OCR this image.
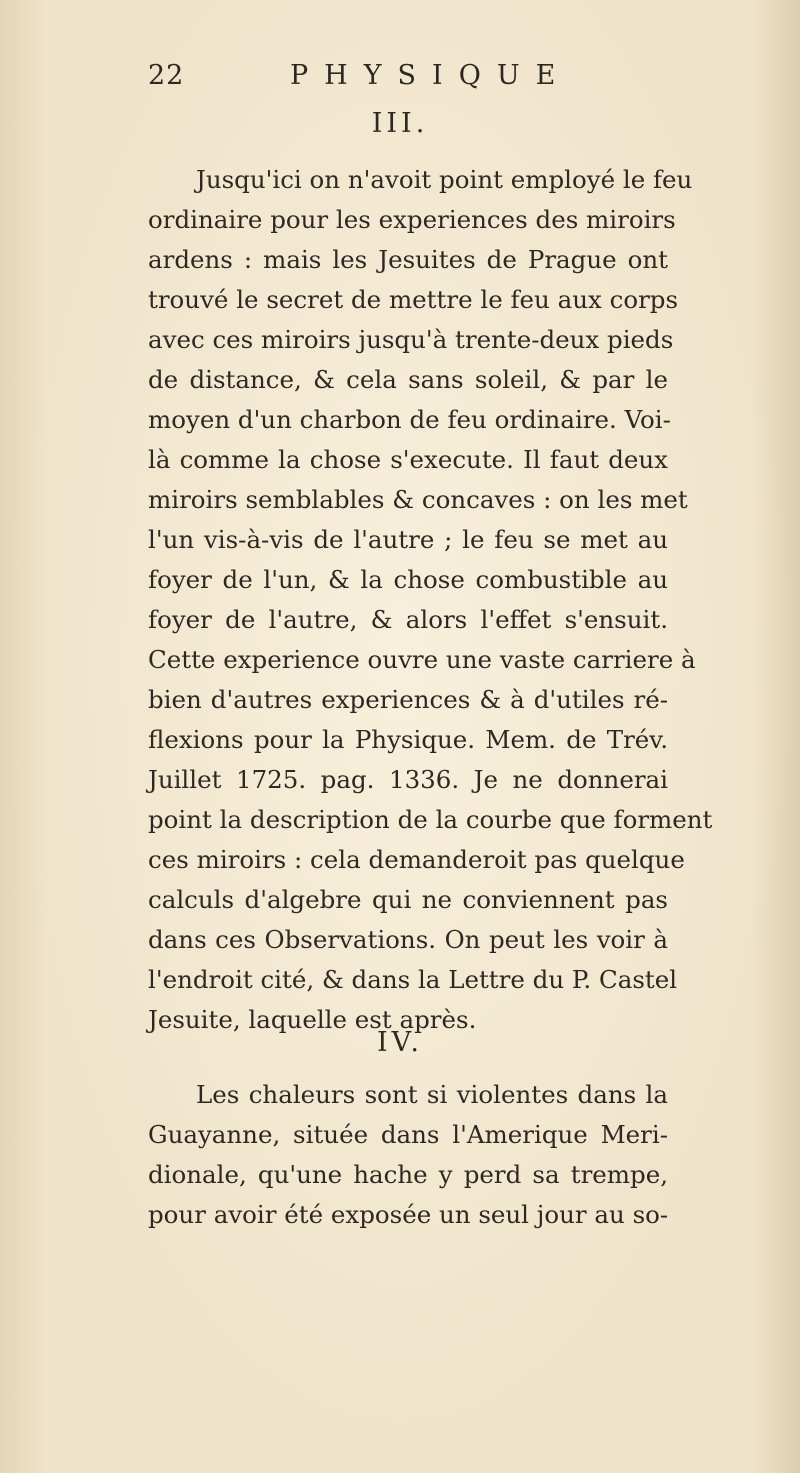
22	PHYSIQUE
III.
Jusqu'ici on n'avoit point employé le feu
ordinaire pour les experiences des miroirs
ardens : mais les Jesuites de Prague ont
trouvé le secret de mettre le feu aux corps
avec ces miroirs jusqu'à trente-deux pieds
de distance, & cela sans soleil, & par le
moyen d'un charbon de feu ordinaire. Voi-
là comme la chose s'execute. Il faut deux
miroirs semblables & concaves : on les met
l'un vis-à-vis de l'autre ; le feu se met au
foyer de l'un, & la chose combustible au
foyer de l'autre, & alors l'effet s'ensuit.
Cette experience ouvre une vaste carriere à
bien d'autres experiences & à d'utiles ré-
flexions pour la Physique. Mem. de Trév.
Juillet 1725. pag. 1336. Je ne donnerai
point la description de la courbe que forment
ces miroirs : cela demanderoit pas quelque
calculs d'algebre qui ne conviennent pas
dans ces Observations. On peut les voir à
l'endroit cité, & dans la Lettre du P. Castel
Jesuite, laquelle est après.
IV.
Les chaleurs sont si violentes dans la
Guayanne, située dans l'Amerique Meri-
dionale, qu'une hache y perd sa trempe,
pour avoir été exposée un seul jour au so-
